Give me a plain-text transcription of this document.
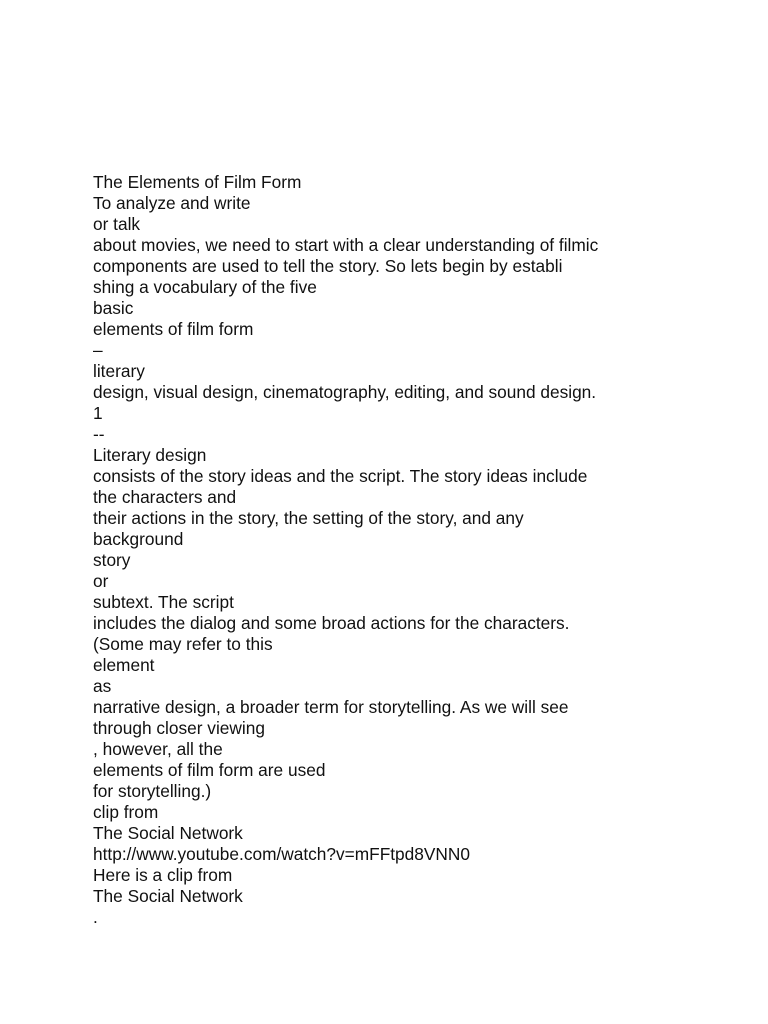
The Elements of Film Form
To analyze and write
or talk
about movies, we need to start with a clear understanding of filmic
components are used to tell the story. So lets begin by establi
shing a vocabulary of the five
basic
elements of film form
–
literary
design, visual design, cinematography, editing, and sound design.
1
--
Literary design
consists of the story ideas and the script. The story ideas include
the characters and
their actions in the story, the setting of the story, and any
background
story
or
subtext. The script
includes the dialog and some broad actions for the characters.
(Some may refer to this
element
as
narrative design, a broader term for storytelling. As we will see
through closer viewing
, however, all the
elements of film form are used
for storytelling.)
clip from
The Social Network
http://www.youtube.com/watch?v=mFFtpd8VNN0
Here is a clip from
The Social Network
.
